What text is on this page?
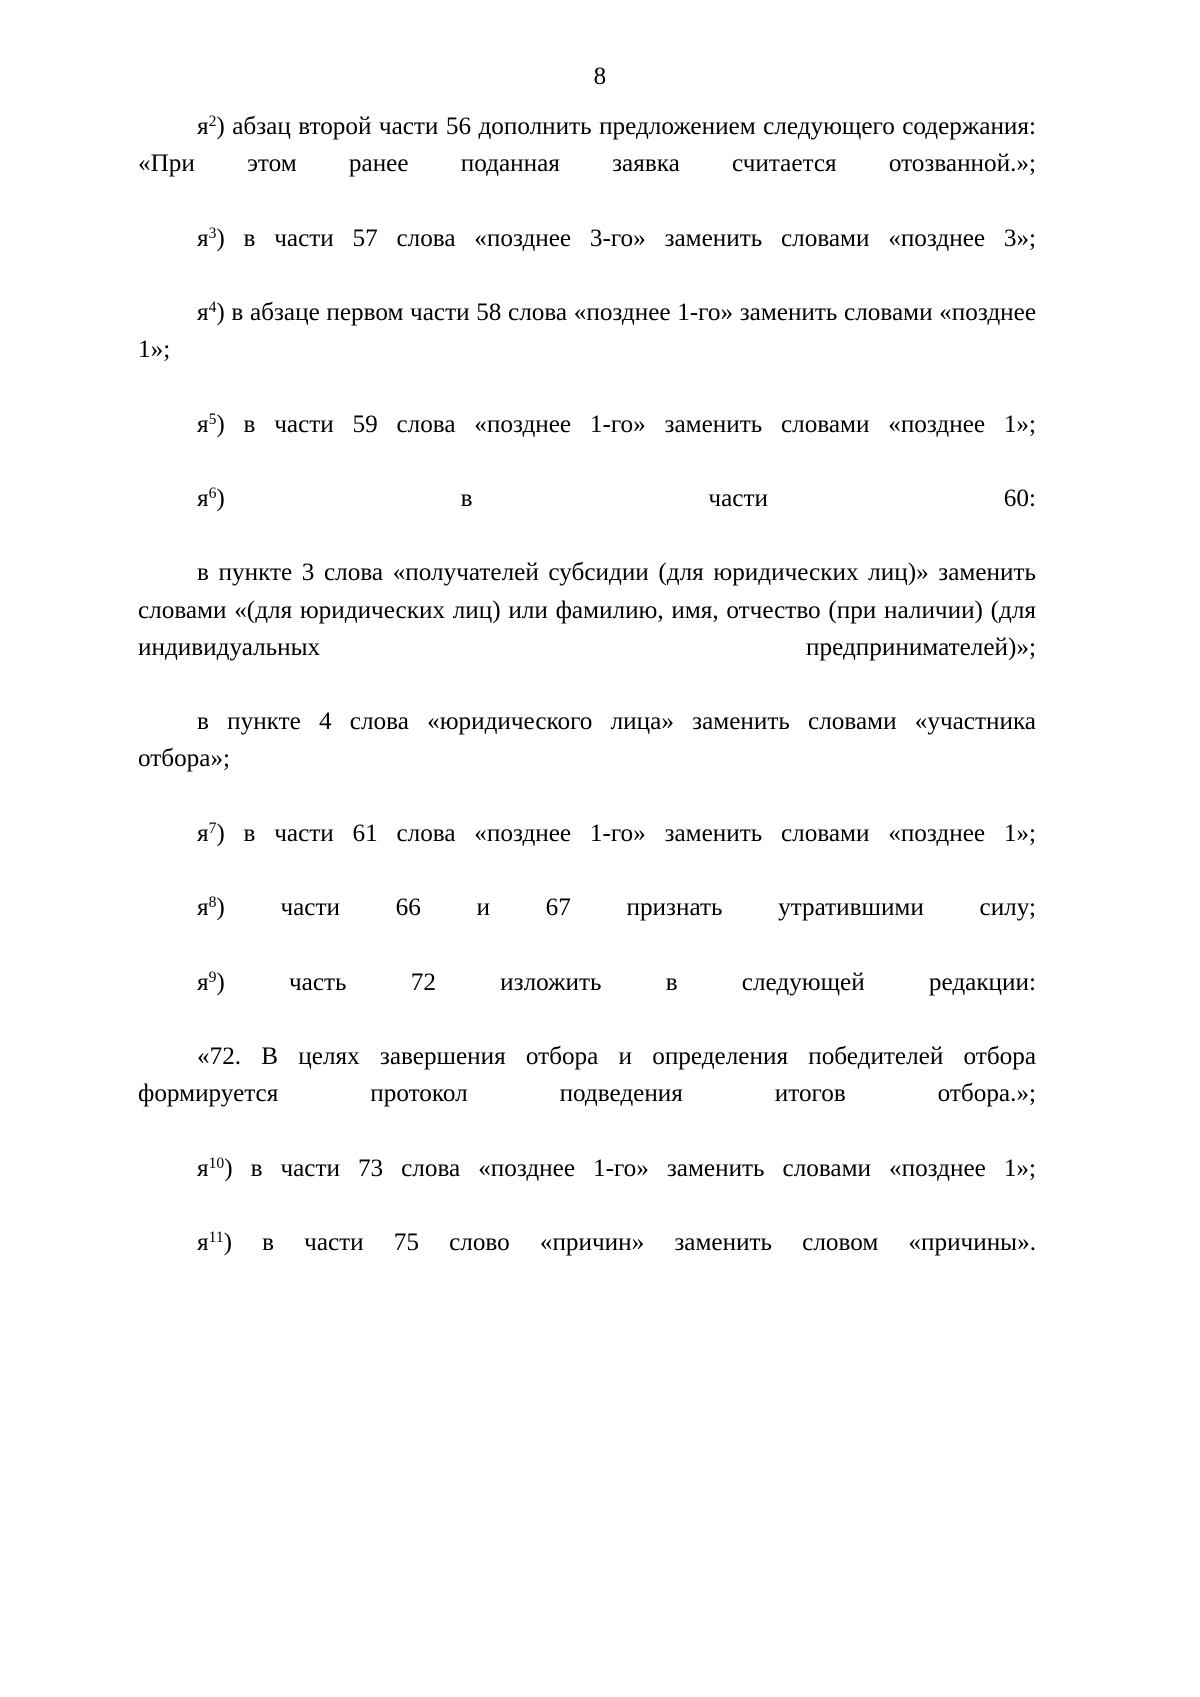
8

$я^2$) абзац второй части 56 дополнить предложением следующего содержания: «При этом ранее поданная заявка считается отозванной.»;

$я^3$) в части 57 слова «позднее 3-го» заменить словами «позднее 3»;

$я^4$) в абзаце первом части 58 слова «позднее 1-го» заменить словами «позднее 1»;

$я^5$) в части 59 слова «позднее 1-го» заменить словами «позднее 1»;

$я^6$) в части 60:

в пункте 3 слова «получателей субсидии (для юридических лиц)» заменить словами «(для юридических лиц) или фамилию, имя, отчество (при наличии) (для индивидуальных предпринимателей)»;

в пункте 4 слова «юридического лица» заменить словами «участника отбора»;

$я^7$) в части 61 слова «позднее 1-го» заменить словами «позднее 1»;

$я^8$) части 66 и 67 признать утратившими силу;

$я^9$) часть 72 изложить в следующей редакции:

«72. В целях завершения отбора и определения победителей отбора формируется протокол подведения итогов отбора.»;

$я^{10}$) в части 73 слова «позднее 1-го» заменить словами «позднее 1»;

$я^{11}$) в части 75 слово «причин» заменить словом «причины».
